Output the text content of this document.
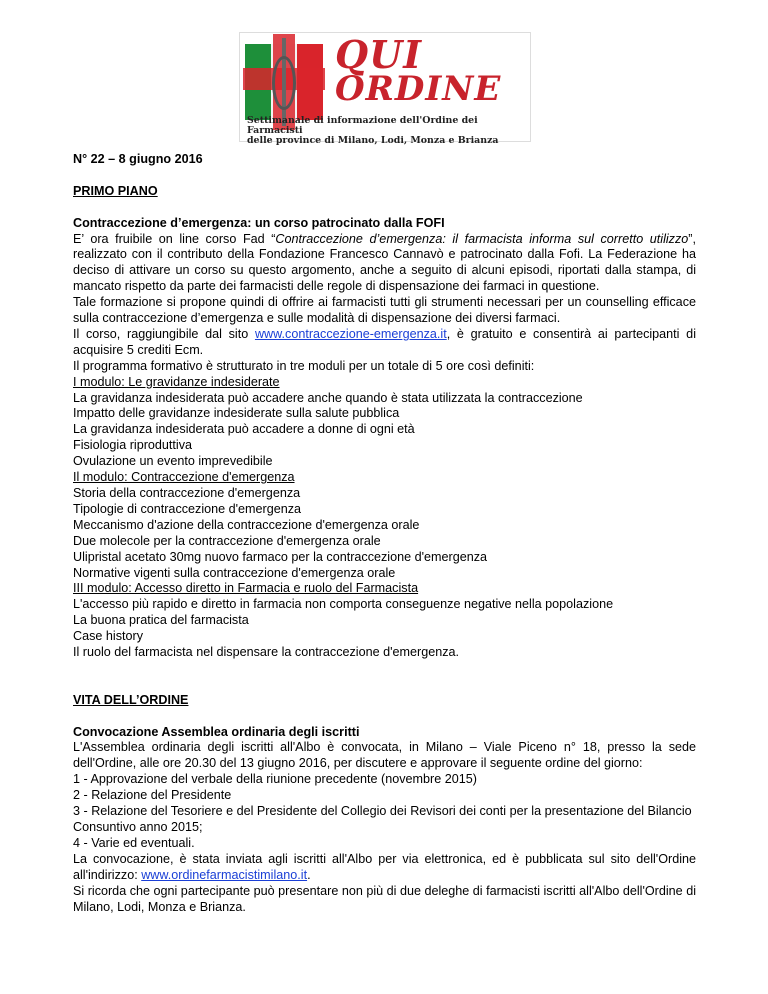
QUI
ORDINE
Settimanale di informazione dell'Ordine dei Farmacisti
delle province di Milano, Lodi, Monza e Brianza

N° 22 – 8 giugno 2016

PRIMO PIANO

Contraccezione d’emergenza: un corso patrocinato dalla FOFI

E’ ora fruibile on line corso Fad “Contraccezione d’emergenza: il farmacista informa sul corretto utilizzo”, realizzato con il contributo della Fondazione Francesco Cannavò e patrocinato dalla Fofi. La Federazione ha deciso di attivare un corso su questo argomento, anche a seguito di alcuni episodi, riportati dalla stampa, di mancato rispetto da parte dei farmacisti delle regole di dispensazione dei farmaci in questione.

Tale formazione si propone quindi di offrire ai farmacisti tutti gli strumenti necessari per un counselling efficace sulla contraccezione d’emergenza e sulle modalità di dispensazione dei diversi farmaci.

Il corso, raggiungibile dal sito www.contraccezione-emergenza.it, è gratuito e consentirà ai partecipanti di acquisire 5 crediti Ecm.

Il programma formativo è strutturato in tre moduli per un totale di 5 ore così definiti:

I modulo: Le gravidanze indesiderate

La gravidanza indesiderata può accadere anche quando è stata utilizzata la contraccezione

Impatto delle gravidanze indesiderate sulla salute pubblica

La gravidanza indesiderata può accadere a donne di ogni età

Fisiologia riproduttiva

Ovulazione un evento imprevedibile

Il modulo: Contraccezione d'emergenza

Storia della contraccezione d'emergenza

Tipologie di contraccezione d'emergenza

Meccanismo d'azione della contraccezione d'emergenza orale

Due molecole per la contraccezione d'emergenza orale

Ulipristal acetato 30mg nuovo farmaco per la contraccezione d'emergenza

Normative vigenti sulla contraccezione d'emergenza orale

III modulo: Accesso diretto in Farmacia e ruolo del Farmacista

L'accesso più rapido e diretto in farmacia non comporta conseguenze negative nella popolazione

La buona pratica del farmacista

Case history

Il ruolo del farmacista nel dispensare la contraccezione d'emergenza.

VITA DELL’ORDINE

Convocazione Assemblea ordinaria degli iscritti

L'Assemblea ordinaria degli iscritti all'Albo è convocata, in Milano – Viale Piceno n° 18, presso la sede dell'Ordine, alle ore 20.30 del 13 giugno 2016, per discutere e approvare il seguente ordine del giorno:

1 - Approvazione del verbale della riunione precedente (novembre 2015)

2 - Relazione del Presidente

3 - Relazione del Tesoriere e del Presidente del Collegio dei Revisori dei conti per la presentazione del Bilancio Consuntivo anno 2015;

4 - Varie ed eventuali.

La convocazione, è stata inviata agli iscritti all'Albo per via elettronica, ed è pubblicata sul sito dell'Ordine all'indirizzo: www.ordinefarmacistimilano.it.

Si ricorda che ogni partecipante può presentare non più di due deleghe di farmacisti iscritti all'Albo dell'Ordine di Milano, Lodi, Monza e Brianza.
